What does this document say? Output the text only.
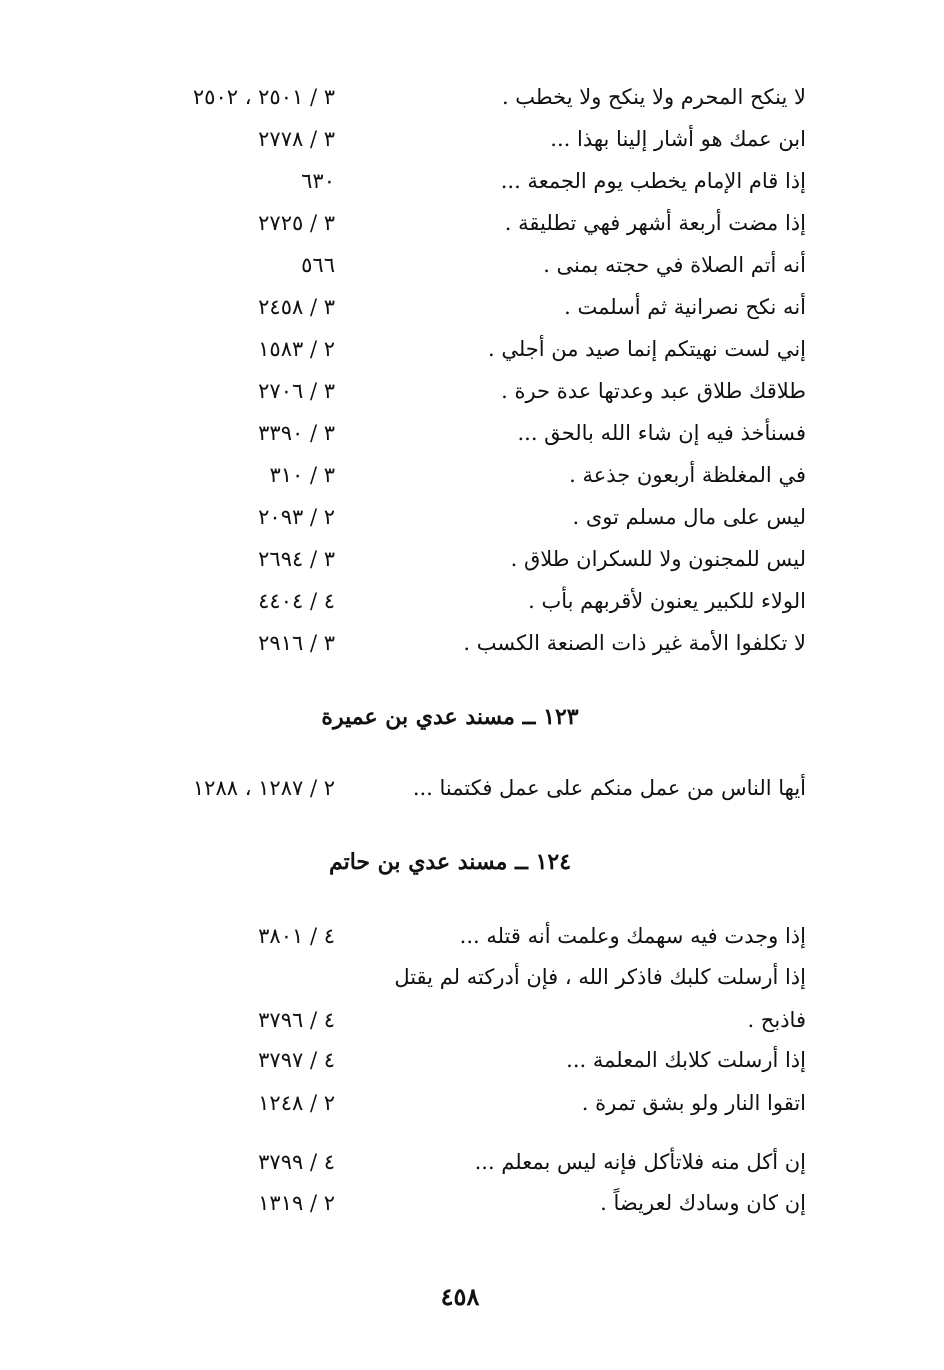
لا ينكح المحرم ولا ينكح ولا يخطب .
٣ / ٢٥٠١ ، ٢٥٠٢
ابن عمك هو أشار إلينا بهذا ...
٣ / ٢٧٧٨
إذا قام الإمام يخطب يوم الجمعة ...
٦٣٠
إذا مضت أربعة أشهر فهي تطليقة .
٣ / ٢٧٢٥
أنه أتم الصلاة في حجته بمنى .
٥٦٦
أنه نكح نصرانية ثم أسلمت .
٣ / ٢٤٥٨
إني لست نهيتكم إنما صيد من أجلي .
٢ / ١٥٨٣
طلاقك طلاق عبد وعدتها عدة حرة .
٣ / ٢٧٠٦
فسنأخذ فيه إن شاء الله بالحق ...
٣ / ٣٣٩٠
في المغلظة أربعون جذعة .
٣ / ٣١٠
ليس على مال مسلم توى .
٢ / ٢٠٩٣
ليس للمجنون ولا للسكران طلاق .
٣ / ٢٦٩٤
الولاء للكبير يعنون لأقربهم بأب .
٤ / ٤٤٠٤
لا تكلفوا الأمة غير ذات الصنعة الكسب .
٣ / ٢٩١٦
١٢٣ ــ مسند عدي بن عميرة
أيها الناس من عمل منكم على عمل فكتمنا ...
٢ / ١٢٨٧ ، ١٢٨٨
١٢٤ ــ مسند عدي بن حاتم
إذا وجدت فيه سهمك وعلمت أنه قتله ...
٤ / ٣٨٠١
إذا أرسلت كلبك فاذكر الله ، فإن أدركته لم يقتل
فاذبح .
٤ / ٣٧٩٦
إذا أرسلت كلابك المعلمة ...
٤ / ٣٧٩٧
اتقوا النار ولو بشق تمرة .
٢ / ١٢٤٨
إن أكل منه فلاتأكل فإنه ليس بمعلم ...
٤ / ٣٧٩٩
إن كان وسادك لعريضاً .
٢ / ١٣١٩
٤٥٨
